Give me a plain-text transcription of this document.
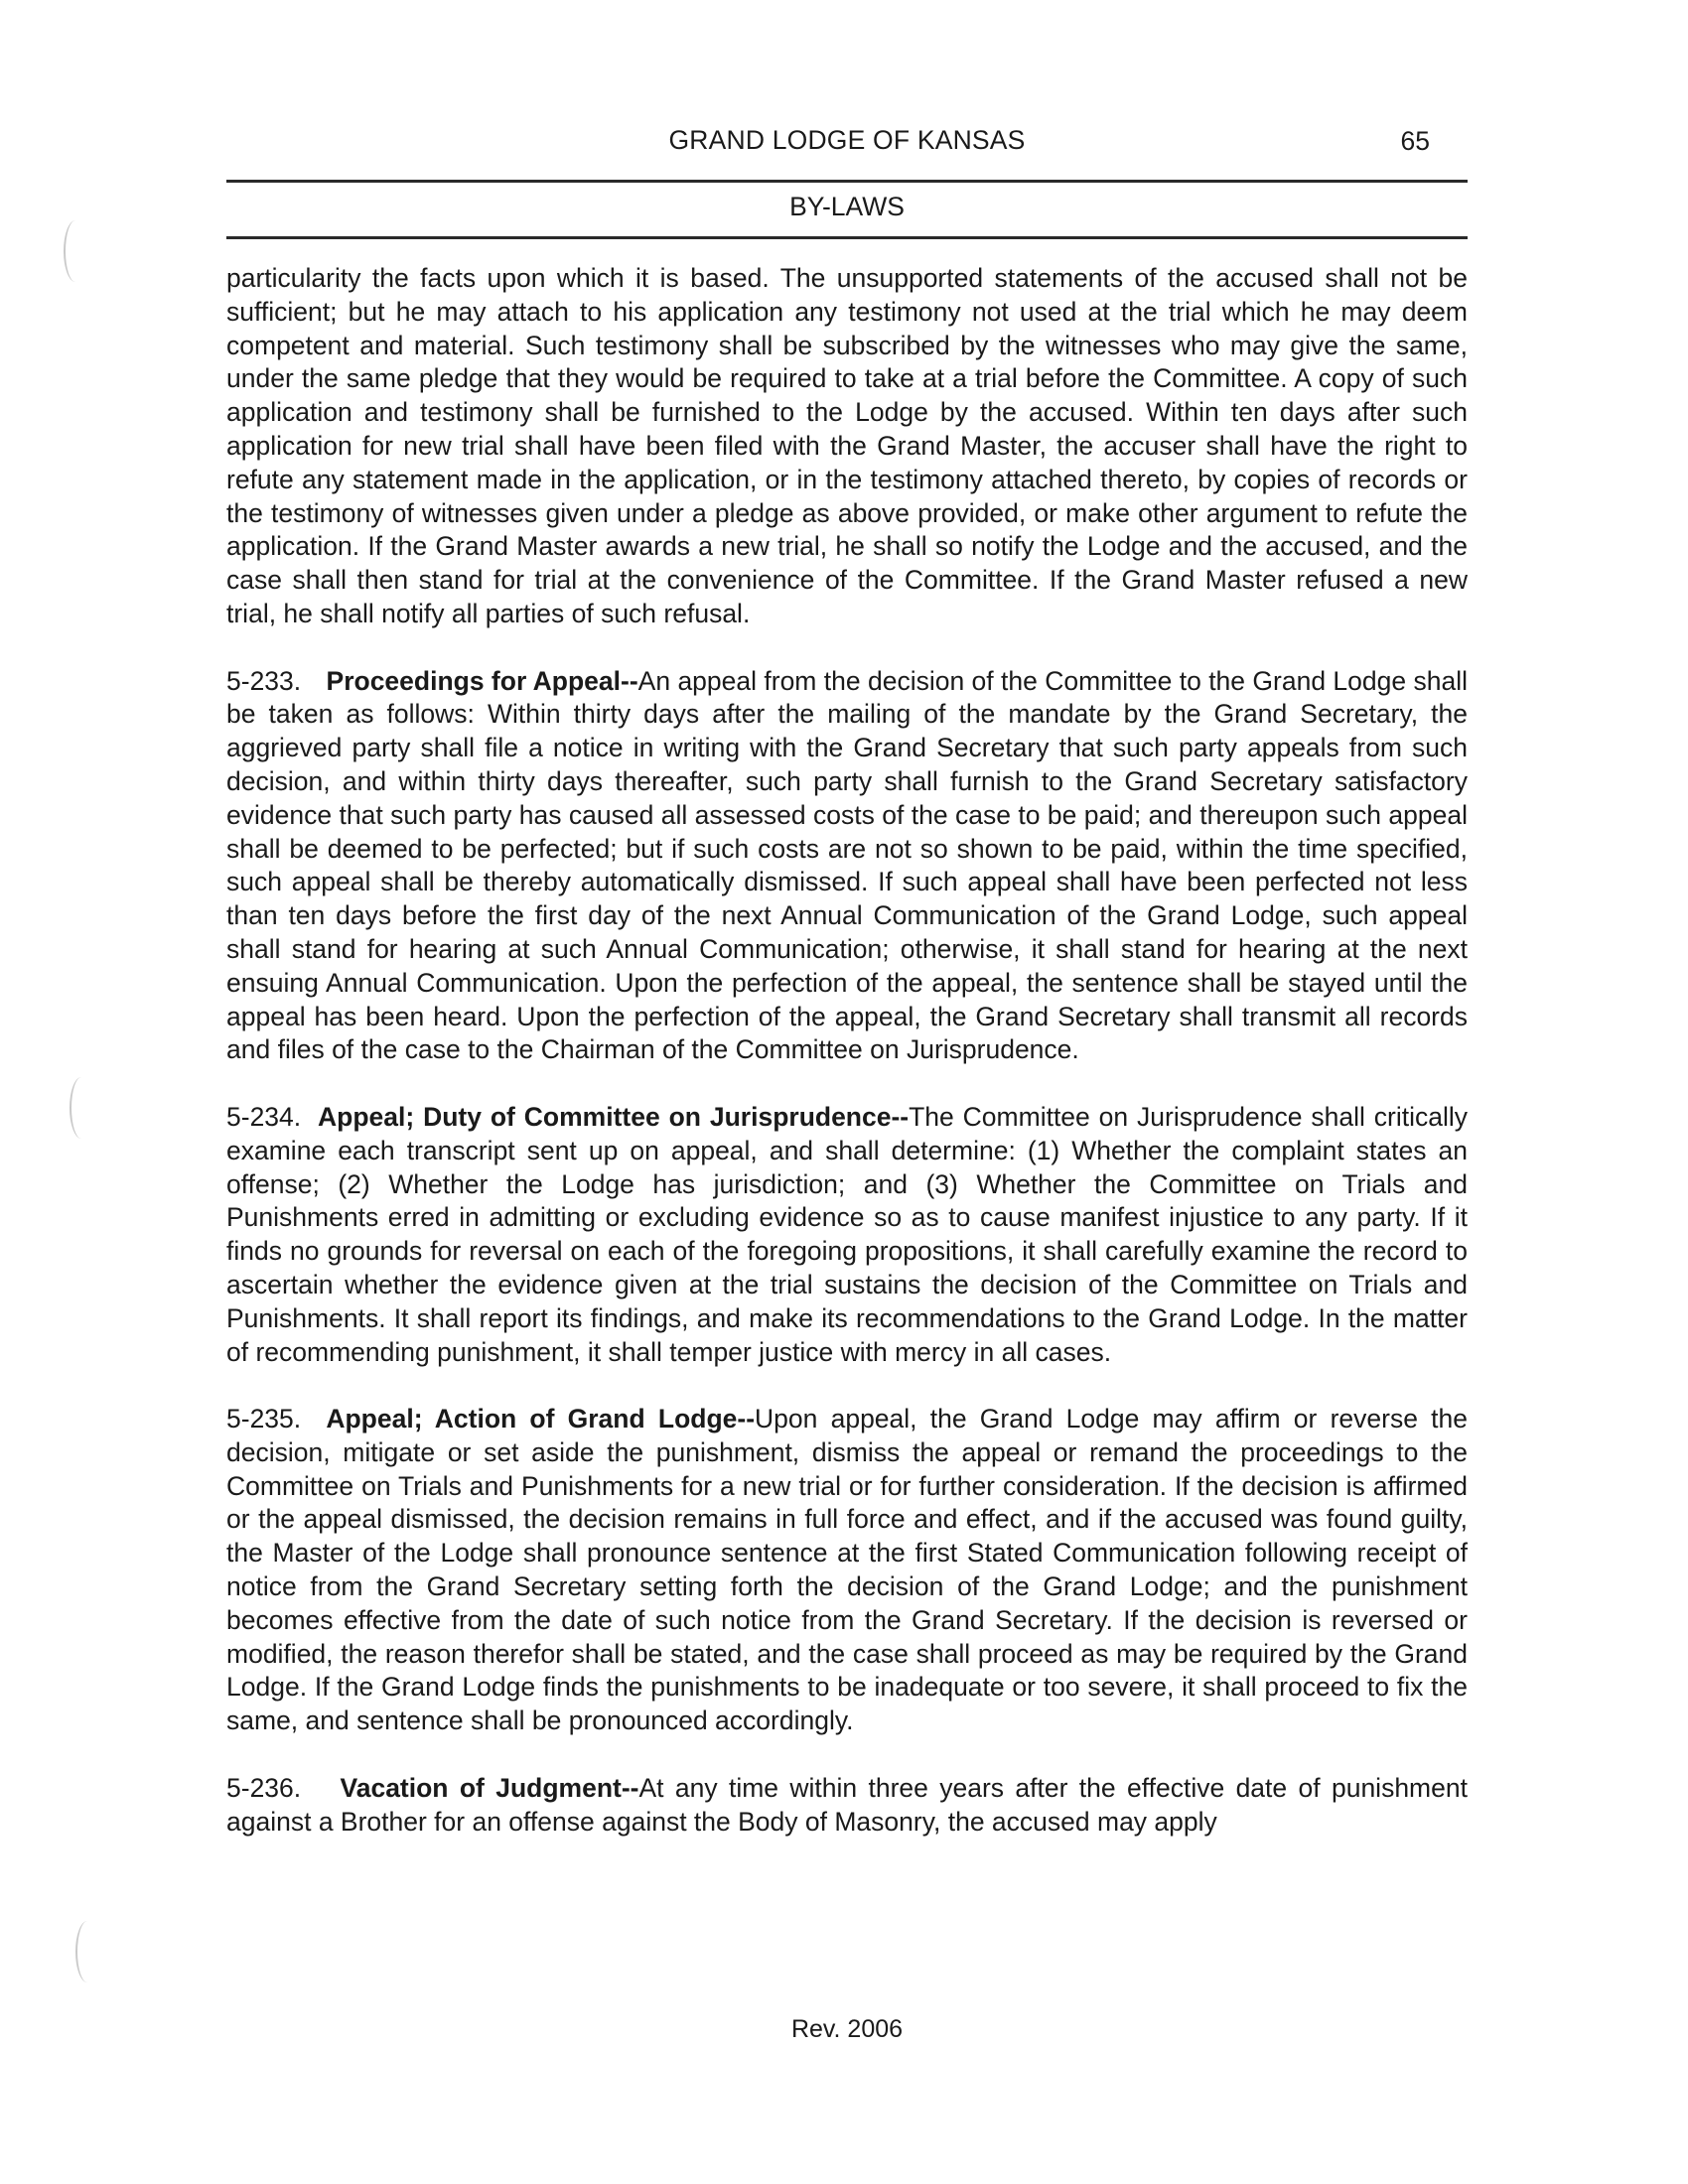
GRAND LODGE OF KANSAS	65
BY-LAWS

particularity the facts upon which it is based. The unsupported statements of the accused shall not be sufficient; but he may attach to his application any testimony not used at the trial which he may deem competent and material. Such testimony shall be subscribed by the witnesses who may give the same, under the same pledge that they would be required to take at a trial before the Committee. A copy of such application and testimony shall be furnished to the Lodge by the accused. Within ten days after such application for new trial shall have been filed with the Grand Master, the accuser shall have the right to refute any statement made in the application, or in the testimony attached thereto, by copies of records or the testimony of witnesses given under a pledge as above provided, or make other argument to refute the application. If the Grand Master awards a new trial, he shall so notify the Lodge and the accused, and the case shall then stand for trial at the convenience of the Committee. If the Grand Master refused a new trial, he shall notify all parties of such refusal.

5-233. Proceedings for Appeal--An appeal from the decision of the Committee to the Grand Lodge shall be taken as follows: Within thirty days after the mailing of the mandate by the Grand Secretary, the aggrieved party shall file a notice in writing with the Grand Secretary that such party appeals from such decision, and within thirty days thereafter, such party shall furnish to the Grand Secretary satisfactory evidence that such party has caused all assessed costs of the case to be paid; and thereupon such appeal shall be deemed to be perfected; but if such costs are not so shown to be paid, within the time specified, such appeal shall be thereby automatically dismissed. If such appeal shall have been perfected not less than ten days before the first day of the next Annual Communication of the Grand Lodge, such appeal shall stand for hearing at such Annual Communication; otherwise, it shall stand for hearing at the next ensuing Annual Communication. Upon the perfection of the appeal, the sentence shall be stayed until the appeal has been heard. Upon the perfection of the appeal, the Grand Secretary shall transmit all records and files of the case to the Chairman of the Committee on Jurisprudence.

5-234. Appeal; Duty of Committee on Jurisprudence--The Committee on Jurisprudence shall critically examine each transcript sent up on appeal, and shall determine: (1) Whether the complaint states an offense; (2) Whether the Lodge has jurisdiction; and (3) Whether the Committee on Trials and Punishments erred in admitting or excluding evidence so as to cause manifest injustice to any party. If it finds no grounds for reversal on each of the foregoing propositions, it shall carefully examine the record to ascertain whether the evidence given at the trial sustains the decision of the Committee on Trials and Punishments. It shall report its findings, and make its recommendations to the Grand Lodge. In the matter of recommending punishment, it shall temper justice with mercy in all cases.

5-235. Appeal; Action of Grand Lodge--Upon appeal, the Grand Lodge may affirm or reverse the decision, mitigate or set aside the punishment, dismiss the appeal or remand the proceedings to the Committee on Trials and Punishments for a new trial or for further consideration. If the decision is affirmed or the appeal dismissed, the decision remains in full force and effect, and if the accused was found guilty, the Master of the Lodge shall pronounce sentence at the first Stated Communication following receipt of notice from the Grand Secretary setting forth the decision of the Grand Lodge; and the punishment becomes effective from the date of such notice from the Grand Secretary. If the decision is reversed or modified, the reason therefor shall be stated, and the case shall proceed as may be required by the Grand Lodge. If the Grand Lodge finds the punishments to be inadequate or too severe, it shall proceed to fix the same, and sentence shall be pronounced accordingly.

5-236. Vacation of Judgment--At any time within three years after the effective date of punishment against a Brother for an offense against the Body of Masonry, the accused may apply

Rev. 2006
